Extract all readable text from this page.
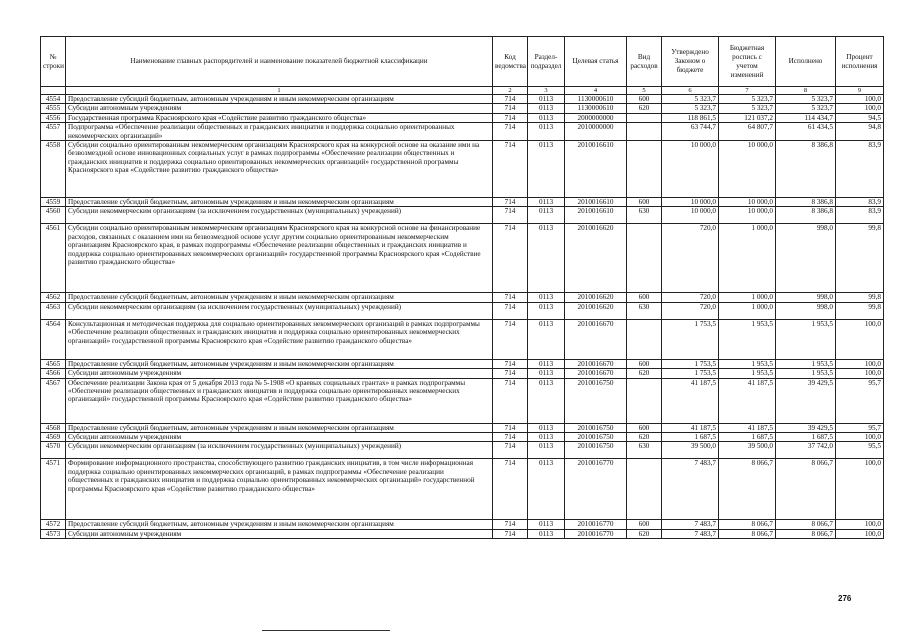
№ строки	Наименование главных распорядителей и наименование показателей бюджетной классификации	Код ведомства	Раздел-подраздел	Целевая статья	Вид расходов	Утверждено Законом о бюджете	Бюджетная роспись с учетом изменений	Исполнено	Процент исполнения
	1	2	3	4	5	6	7	8	9
4554	Предоставление субсидий бюджетным, автономным учреждениям и иным некоммерческим организациям	714	0113	1130000610	600	5 323,7	5 323,7	5 323,7	100,0
4555	Субсидии автономным учреждениям	714	0113	1130000610	620	5 323,7	5 323,7	5 323,7	100,0
4556	Государственная программа Красноярского края «Содействие развитию гражданского общества»	714	0113	2000000000		118 861,5	121 037,2	114 434,7	94,5
4557	Подпрограмма «Обеспечение реализации общественных и гражданских инициатив и поддержка социально ориентированных некоммерческих организаций»	714	0113	2010000000		63 744,7	64 807,7	61 434,5	94,8
4558	Субсидии социально ориентированным некоммерческим организациям Красноярского края на конкурсной основе на оказание ими на безвозмездной основе инновационных социальных услуг в рамках подпрограммы «Обеспечение реализации общественных и гражданских инициатив и поддержка социально ориентированных некоммерческих организаций» государственной программы Красноярского края «Содействие развитию гражданского общества»	714	0113	2010016610		10 000,0	10 000,0	8 386,8	83,9
4559	Предоставление субсидий бюджетным, автономным учреждениям и иным некоммерческим организациям	714	0113	2010016610	600	10 000,0	10 000,0	8 386,8	83,9
4560	Субсидии некоммерческим организациям (за исключением государственных (муниципальных) учреждений)	714	0113	2010016610	630	10 000,0	10 000,0	8 386,8	83,9
4561	Субсидии социально ориентированным некоммерческим организациям Красноярского края на конкурсной основе на финансирование расходов, связанных с оказанием ими на безвозмездной основе услуг другим социально ориентированным некоммерческим организациям Красноярского края, в рамках подпрограммы «Обеспечение реализации общественных и гражданских инициатив и поддержка социально ориентированных некоммерческих организаций» государственной программы Красноярского края «Содействие развитию гражданского общества»	714	0113	2010016620		720,0	1 000,0	998,0	99,8
4562	Предоставление субсидий бюджетным, автономным учреждениям и иным некоммерческим организациям	714	0113	2010016620	600	720,0	1 000,0	998,0	99,8
4563	Субсидии некоммерческим организациям (за исключением государственных (муниципальных) учреждений)	714	0113	2010016620	630	720,0	1 000,0	998,0	99,8
4564	Консультационная и методическая поддержка для социально ориентированных некоммерческих организаций в рамках подпрограммы «Обеспечение реализации общественных и гражданских инициатив и поддержка социально ориентированных некоммерческих организаций» государственной программы Красноярского края «Содействие развитию гражданского общества»	714	0113	2010016670		1 753,5	1 953,5	1 953,5	100,0
4565	Предоставление субсидий бюджетным, автономным учреждениям и иным некоммерческим организациям	714	0113	2010016670	600	1 753,5	1 953,5	1 953,5	100,0
4566	Субсидии автономным учреждениям	714	0113	2010016670	620	1 753,5	1 953,5	1 953,5	100,0
4567	Обеспечение реализации Закона края от 5 декабря 2013 года № 5-1908 «О краевых социальных грантах» в рамках подпрограммы «Обеспечение реализации общественных и гражданских инициатив и поддержка социально ориентированных некоммерческих организаций» государственной программы Красноярского края «Содействие развитию гражданского общества»	714	0113	2010016750		41 187,5	41 187,5	39 429,5	95,7
4568	Предоставление субсидий бюджетным, автономным учреждениям и иным некоммерческим организациям	714	0113	2010016750	600	41 187,5	41 187,5	39 429,5	95,7
4569	Субсидии автономным учреждениям	714	0113	2010016750	620	1 687,5	1 687,5	1 687,5	100,0
4570	Субсидии некоммерческим организациям (за исключением государственных (муниципальных) учреждений)	714	0113	2010016750	630	39 500,0	39 500,0	37 742,0	95,5
4571	Формирование информационного пространства, способствующего развитию гражданских инициатив, в том числе информационная поддержка социально ориентированных некоммерческих организаций, в рамках подпрограммы «Обеспечение реализации общественных и гражданских инициатив и поддержка социально ориентированных некоммерческих организаций» государственной программы Красноярского края «Содействие развитию гражданского общества»	714	0113	2010016770		7 483,7	8 066,7	8 066,7	100,0
4572	Предоставление субсидий бюджетным, автономным учреждениям и иным некоммерческим организациям	714	0113	2010016770	600	7 483,7	8 066,7	8 066,7	100,0
4573	Субсидии автономным учреждениям	714	0113	2010016770	620	7 483,7	8 066,7	8 066,7	100,0
276
